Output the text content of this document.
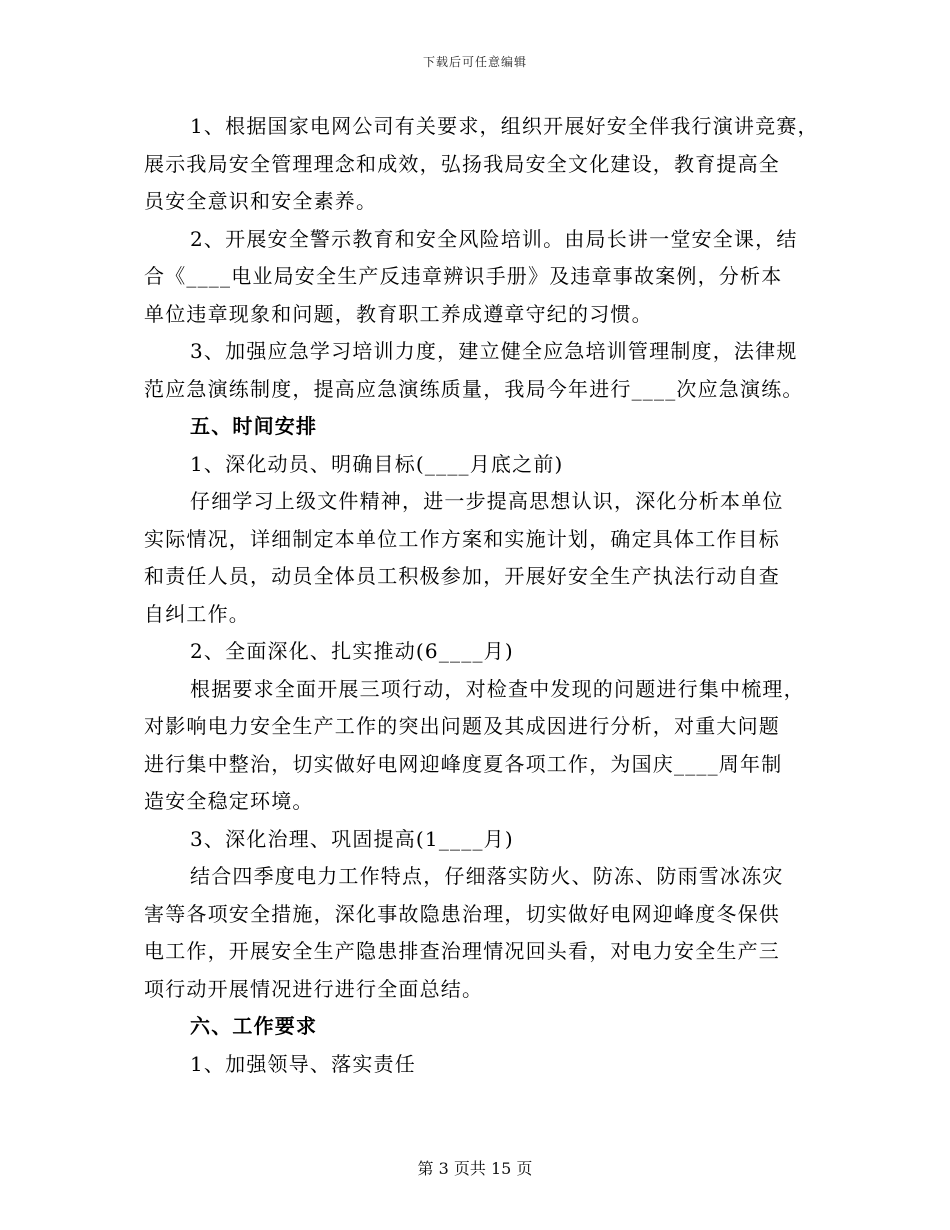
下载后可任意编辑
1、根据国家电网公司有关要求，组织开展好安全伴我行演讲竞赛，
展示我局安全管理理念和成效，弘扬我局安全文化建设，教育提高全
员安全意识和安全素养。
2、开展安全警示教育和安全风险培训。由局长讲一堂安全课，结
合《____电业局安全生产反违章辨识手册》及违章事故案例，分析本
单位违章现象和问题，教育职工养成遵章守纪的习惯。
3、加强应急学习培训力度，建立健全应急培训管理制度，法律规
范应急演练制度，提高应急演练质量，我局今年进行____次应急演练。
五、时间安排
1、深化动员、明确目标(____月底之前)
仔细学习上级文件精神，进一步提高思想认识，深化分析本单位
实际情况，详细制定本单位工作方案和实施计划，确定具体工作目标
和责任人员，动员全体员工积极参加，开展好安全生产执法行动自查
自纠工作。
2、全面深化、扎实推动(6____月)
根据要求全面开展三项行动，对检查中发现的问题进行集中梳理，
对影响电力安全生产工作的突出问题及其成因进行分析，对重大问题
进行集中整治，切实做好电网迎峰度夏各项工作，为国庆____周年制
造安全稳定环境。
3、深化治理、巩固提高(1____月)
结合四季度电力工作特点，仔细落实防火、防冻、防雨雪冰冻灾
害等各项安全措施，深化事故隐患治理，切实做好电网迎峰度冬保供
电工作，开展安全生产隐患排查治理情况回头看，对电力安全生产三
项行动开展情况进行进行全面总结。
六、工作要求
1、加强领导、落实责任
第 3 页共 15 页
